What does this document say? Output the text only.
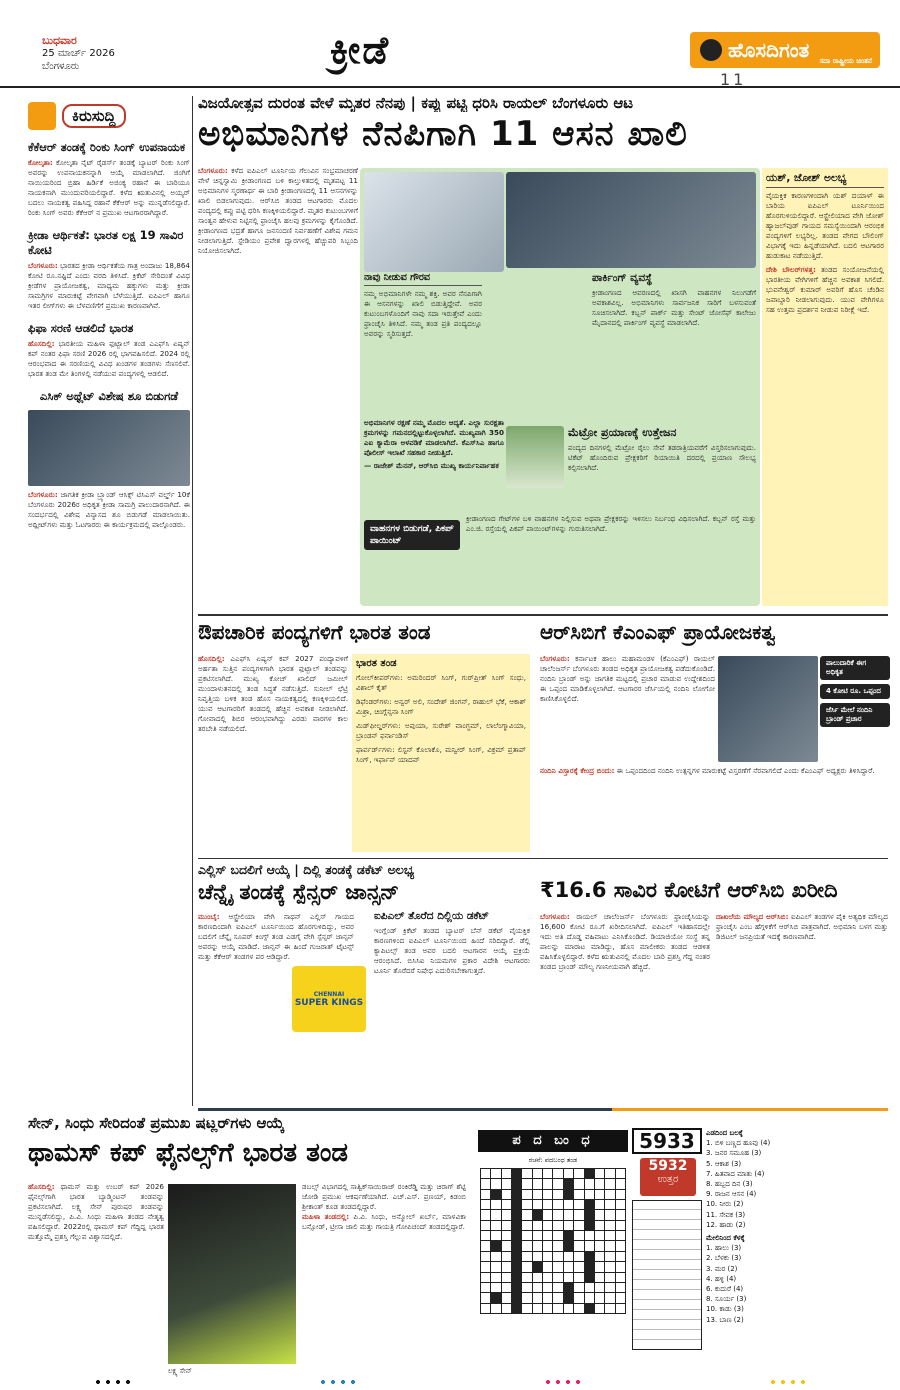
ಬುಧವಾರ
25 ಮಾರ್ಚ್ 2026
ಬೆಂಗಳೂರು	ಕ್ರೀಡೆ	ಹೊಸದಿಗಂತ ಸದಾ ರಾಷ್ಟ್ರೀಯ ಚಿಂತನೆ
11
ಕಿರುಸುದ್ದಿ
ಕೆಕೆಆರ್ ತಂಡಕ್ಕೆ ರಿಂಕು ಸಿಂಗ್ ಉಪನಾಯಕ
ಕೋಲ್ಕತಾ: ಕೋಲ್ಕತಾ ನೈಟ್ ರೈಡರ್ಸ್ ತಂಡಕ್ಕೆ ಬ್ಯಾಟರ್ ರಿಂಕು ಸಿಂಗ್ ಅವರನ್ನು ಉಪನಾಯಕನನ್ನಾಗಿ ಆಯ್ಕೆ ಮಾಡಲಾಗಿದೆ. ಜಿಂಗಿಗೆ ನಾಯಿಯರಿಂದ ಬ್ರಿಹಾ ಹಿರ್ಡಿಕೆ ಅಜಿಂಕ್ಯ ರಹಾನೆ ಈ ಬಾರಿಯೂ ನಾಯಕನಾಗಿ ಮುಂದುವರಿಯಲಿದ್ದಾರೆ. ಕಳೆದ ಋತುವಿನಲ್ಲಿ ಅಯ್ಯರ್ ಬದಲು ನಾಯಕತ್ವ ವಹಿಸಿದ್ದ ರಹಾನೆ ಕೆಕೆಆರ್ ಅನ್ನು ಮುನ್ನಡೆಸಲಿದ್ದಾರೆ. ರಿಂಕು ಸಿಂಗ್ ಅವರು ಕೆಕೆಆರ್ ನ ಪ್ರಮುಖ ಆಟಗಾರರಾಗಿದ್ದಾರೆ.
ಕ್ರೀಡಾ ಆರ್ಥಿಕತೆ: ಭಾರತ ಲಕ್ಷ 19 ಸಾವಿರ ಕೋಟಿ
ಬೆಂಗಳೂರು: ಭಾರತದ ಕ್ರೀಡಾ ಆರ್ಥಿಕತೆಯ ಗಾತ್ರ ಅಂದಾಜು 18,864 ಕೋಟಿ ರೂ.ನಷ್ಟಿದೆ ಎಂದು ವರದಿ ತಿಳಿಸಿದೆ. ಕ್ರಿಕೆಟ್ ಸೇರಿದಂತೆ ವಿವಿಧ ಕ್ರೀಡೆಗಳ ಪ್ರಾಯೋಜಕತ್ವ, ಮಾಧ್ಯಮ ಹಕ್ಕುಗಳು ಮತ್ತು ಕ್ರೀಡಾ ಸಾಮಗ್ರಿಗಳ ಮಾರುಕಟ್ಟೆ ವೇಗವಾಗಿ ಬೆಳೆಯುತ್ತಿದೆ. ಐಪಿಎಲ್ ಹಾಗೂ ಇತರ ಲೀಗ್‌ಗಳು ಈ ಬೆಳವಣಿಗೆಗೆ ಪ್ರಮುಖ ಕಾರಣವಾಗಿವೆ.
ಫಿಫಾ ಸರಣಿ ಆಡಲಿದೆ ಭಾರತ
ಹೊಸದಿಲ್ಲಿ: ಭಾರತೀಯ ಮಹಿಳಾ ಫುಟ್ಬಾಲ್ ತಂಡ ಎಎಫ್‌ಸಿ ಏಷ್ಯನ್ ಕಪ್ ನಂತರ ಫಿಫಾ ಸರಣಿ 2026 ರಲ್ಲಿ ಭಾಗವಹಿಸಲಿದೆ. 2024 ರಲ್ಲಿ ಆರಂಭವಾದ ಈ ಸರಣಿಯಲ್ಲಿ ವಿವಿಧ ಖಂಡಗಳ ತಂಡಗಳು ಸೆಣಸಲಿವೆ. ಭಾರತ ತಂಡ ಮೇ ತಿಂಗಳಲ್ಲಿ ನಡೆಯುವ ಪಂದ್ಯಗಳಲ್ಲಿ ಆಡಲಿದೆ.
ಎಸಿಕ್ ಅಥ್ಲೆಟ್ ವಿಶೇಷ ಶೂ ಬಿಡುಗಡೆ
ಬೆಂಗಳೂರು: ಜಾಗತಿಕ ಕ್ರೀಡಾ ಬ್ರ್ಯಾಂಡ್ ಆಸಿಕ್ಸ್ ಟಿಸಿಎಸ್ ವರ್ಲ್ಡ್ 10ಕೆ ಬೆಂಗಳೂರು 2026ರ ಅಧಿಕೃತ ಕ್ರೀಡಾ ಸಾಮಗ್ರಿ ಪಾಲುದಾರನಾಗಿದೆ. ಈ ಸಂದರ್ಭದಲ್ಲಿ ವಿಶೇಷ ವಿನ್ಯಾಸದ ಶೂ ಬಿಡುಗಡೆ ಮಾಡಲಾಯಿತು. ಅಥ್ಲೀಟ್‌ಗಳು ಮತ್ತು ಓಟಗಾರರು ಈ ಕಾರ್ಯಕ್ರಮದಲ್ಲಿ ಪಾಲ್ಗೊಂಡರು.
ವಿಜಯೋತ್ಸವ ದುರಂತ ವೇಳೆ ಮೃತರ ನೆನಪು | ಕಪ್ಪು ಪಟ್ಟಿ ಧರಿಸಿ ರಾಯಲ್ ಬೆಂಗಳೂರು ಆಟ
ಅಭಿಮಾನಿಗಳ ನೆನಪಿಗಾಗಿ 11 ಆಸನ ಖಾಲಿ
ಬೆಂಗಳೂರು: ಕಳೆದ ಐಪಿಎಲ್ ಟೂರ್ನಿಯ ಗೆಲುವಿನ ಸಂಭ್ರಮಾಚರಣೆ ವೇಳೆ ಚಿನ್ನಸ್ವಾಮಿ ಕ್ರೀಡಾಂಗಣದ ಬಳಿ ಕಾಲ್ತುಳಿತದಲ್ಲಿ ಮೃತಪಟ್ಟ 11 ಅಭಿಮಾನಿಗಳ ಸ್ಮರಣಾರ್ಥ ಈ ಬಾರಿ ಕ್ರೀಡಾಂಗಣದಲ್ಲಿ 11 ಆಸನಗಳನ್ನು ಖಾಲಿ ಬಿಡಲಾಗುವುದು. ಆರ್‌ಸಿಬಿ ತಂಡದ ಆಟಗಾರರು ಮೊದಲ ಪಂದ್ಯದಲ್ಲಿ ಕಪ್ಪು ಪಟ್ಟಿ ಧರಿಸಿ ಕಣಕ್ಕಿಳಿಯಲಿದ್ದಾರೆ. ಮೃತರ ಕುಟುಂಬಗಳಿಗೆ ಸಾಂತ್ವನ ಹೇಳುವ ನಿಟ್ಟಿನಲ್ಲಿ ಫ್ರಾಂಚೈಸಿ ಹಲವು ಕ್ರಮಗಳನ್ನು ಕೈಗೊಂಡಿದೆ. ಕ್ರೀಡಾಂಗಣದ ಭದ್ರತೆ ಹಾಗೂ ಜನಸಂದಣಿ ನಿರ್ವಹಣೆಗೆ ವಿಶೇಷ ಗಮನ ನೀಡಲಾಗುತ್ತಿದೆ. ಸ್ಟೇಡಿಯಂ ಪ್ರವೇಶ ದ್ವಾರಗಳಲ್ಲಿ ಹೆಚ್ಚುವರಿ ಸಿಬ್ಬಂದಿ ನಿಯೋಜಿಸಲಾಗಿದೆ.
ನಾವು ನೀಡುವ ಗೌರವ
ನಮ್ಮ ಅಭಿಮಾನಿಗಳೇ ನಮ್ಮ ಶಕ್ತಿ. ಅವರ ನೆನಪಿಗಾಗಿ ಈ ಆಸನಗಳನ್ನು ಖಾಲಿ ಬಿಡುತ್ತಿದ್ದೇವೆ. ಅವರ ಕುಟುಂಬಗಳೊಂದಿಗೆ ನಾವು ಸದಾ ಇರುತ್ತೇವೆ ಎಂದು ಫ್ರಾಂಚೈಸಿ ತಿಳಿಸಿದೆ. ನಮ್ಮ ತಂಡ ಪ್ರತಿ ಪಂದ್ಯದಲ್ಲೂ ಅವರನ್ನು ಸ್ಮರಿಸುತ್ತದೆ.
ಪಾರ್ಕಿಂಗ್ ವ್ಯವಸ್ಥೆ
ಕ್ರೀಡಾಂಗಣದ ಆವರಣದಲ್ಲಿ ಖಾಸಗಿ ವಾಹನಗಳ ನಿಲುಗಡೆಗೆ ಅವಕಾಶವಿಲ್ಲ. ಅಭಿಮಾನಿಗಳು ಸಾರ್ವಜನಿಕ ಸಾರಿಗೆ ಬಳಸುವಂತೆ ಸೂಚಿಸಲಾಗಿದೆ. ಕಬ್ಬನ್ ಪಾರ್ಕ್ ಮತ್ತು ಸೇಂಟ್ ಜೋಸೆಫ್ ಕಾಲೇಜು ಮೈದಾನದಲ್ಲಿ ಪಾರ್ಕಿಂಗ್ ವ್ಯವಸ್ಥೆ ಮಾಡಲಾಗಿದೆ.
ಅಭಿಮಾನಿಗಳ ರಕ್ಷಣೆ ನಮ್ಮ ಮೊದಲ ಆದ್ಯತೆ. ಎಲ್ಲಾ ಸುರಕ್ಷತಾ ಕ್ರಮಗಳನ್ನು ಗಮನದಲ್ಲಿಟ್ಟುಕೊಳ್ಳಲಾಗಿದೆ. ಮುಖ್ಯವಾಗಿ 350 ಎಐ ಕ್ಯಾಮೆರಾ ಅಳವಡಿಕೆ ಮಾಡಲಾಗಿದೆ. ಕೆಎಸ್‌ಸಿಎ ಹಾಗೂ ಪೊಲೀಸ್ ಇಲಾಖೆ ಸಹಕಾರ ನೀಡುತ್ತಿದೆ.
— ರಾಜೇಶ್ ಮೆನನ್, ಆರ್‌ಸಿಬಿ ಮುಖ್ಯ ಕಾರ್ಯನಿರ್ವಾಹಕ
ಮೆಟ್ರೋ ಪ್ರಯಾಣಕ್ಕೆ ಉತ್ತೇಜನ
ಪಂದ್ಯದ ದಿನಗಳಲ್ಲಿ ಮೆಟ್ರೋ ರೈಲು ಸೇವೆ ತಡರಾತ್ರಿಯವರೆಗೆ ವಿಸ್ತರಿಸಲಾಗುವುದು. ಟಿಕೆಟ್ ಹೊಂದಿರುವ ಪ್ರೇಕ್ಷಕರಿಗೆ ರಿಯಾಯಿತಿ ದರದಲ್ಲಿ ಪ್ರಯಾಣ ಸೌಲಭ್ಯ ಕಲ್ಪಿಸಲಾಗಿದೆ.
ವಾಹನಗಳ ಬಿಡುಗಡೆ, ಪಿಕಪ್ ಪಾಯಿಂಟ್
ಕ್ರೀಡಾಂಗಣದ ಗೇಟ್‌ಗಳ ಬಳಿ ವಾಹನಗಳ ನಿಲ್ಲಿಸುವ ಅಥವಾ ಪ್ರೇಕ್ಷಕರನ್ನು ಇಳಿಸಲು ನಿರ್ಬಂಧ ವಿಧಿಸಲಾಗಿದೆ. ಕಬ್ಬನ್ ರಸ್ತೆ ಮತ್ತು ಎಂ.ಜಿ. ರಸ್ತೆಯಲ್ಲಿ ಪಿಕಪ್ ಪಾಯಿಂಟ್‌ಗಳನ್ನು ಗುರುತಿಸಲಾಗಿದೆ.
ಯಶ್, ಜೋಶ್ ಅಲಭ್ಯ
ವೈಯಕ್ತಿಕ ಕಾರಣಗಳಿಂದಾಗಿ ಯಶ್ ದಯಾಳ್ ಈ ಬಾರಿಯ ಐಪಿಎಲ್ ಟೂರ್ನಿಯಿಂದ ಹೊರಗುಳಿಯಲಿದ್ದಾರೆ. ಆಸ್ಟ್ರೇಲಿಯಾದ ವೇಗಿ ಜೋಶ್ ಹ್ಯಾಜಲ್‌ವುಡ್ ಗಾಯದ ಸಮಸ್ಯೆಯಿಂದಾಗಿ ಆರಂಭಿಕ ಪಂದ್ಯಗಳಿಗೆ ಲಭ್ಯರಿಲ್ಲ. ತಂಡದ ವೇಗದ ಬೌಲಿಂಗ್ ವಿಭಾಗಕ್ಕೆ ಇದು ಹಿನ್ನಡೆಯಾಗಿದೆ. ಬದಲಿ ಆಟಗಾರರ ಹುಡುಕಾಟ ನಡೆಯುತ್ತಿದೆ.
ದೇಶಿ ಬೌಲರ್‌ಗಳತ್ತ: ತಂಡದ ಸಂಯೋಜನೆಯಲ್ಲಿ ಭಾರತೀಯ ವೇಗಿಗಳಿಗೆ ಹೆಚ್ಚಿನ ಅವಕಾಶ ಸಿಗಲಿದೆ. ಭುವನೇಶ್ವರ್ ಕುಮಾರ್ ಅವರಿಗೆ ಹೊಸ ಚೆಂಡಿನ ಜವಾಬ್ದಾರಿ ನೀಡಲಾಗುವುದು. ಯುವ ವೇಗಿಗಳೂ ಸಹ ಉತ್ತಮ ಪ್ರದರ್ಶನ ನೀಡುವ ನಿರೀಕ್ಷೆ ಇದೆ.
ಔಪಚಾರಿಕ ಪಂದ್ಯಗಳಿಗೆ ಭಾರತ ತಂಡ
ಹೊಸದಿಲ್ಲಿ: ಎಎಫ್‌ಸಿ ಏಷ್ಯನ್ ಕಪ್ 2027 ಪಂದ್ಯಾವಳಿಗೆ ಅರ್ಹತಾ ಸುತ್ತಿನ ಪಂದ್ಯಗಳಿಗಾಗಿ ಭಾರತ ಫುಟ್ಬಾಲ್ ತಂಡವನ್ನು ಪ್ರಕಟಿಸಲಾಗಿದೆ. ಮುಖ್ಯ ಕೋಚ್ ಖಾಲಿದ್ ಜಮೀಲ್ ಮುಂದಾಳುತನದಲ್ಲಿ ತಂಡ ಸಿದ್ಧತೆ ನಡೆಸುತ್ತಿದೆ. ಸುನೀಲ್ ಛೆಟ್ರಿ ನಿವೃತ್ತಿಯ ಬಳಿಕ ತಂಡ ಹೊಸ ನಾಯಕತ್ವದಲ್ಲಿ ಕಣಕ್ಕಿಳಿಯಲಿದೆ. ಯುವ ಆಟಗಾರರಿಗೆ ತಂಡದಲ್ಲಿ ಹೆಚ್ಚಿನ ಅವಕಾಶ ನೀಡಲಾಗಿದೆ. ಗೋವಾದಲ್ಲಿ ಶಿಬಿರ ಆರಂಭವಾಗಿದ್ದು ಎರಡು ವಾರಗಳ ಕಾಲ ತರಬೇತಿ ನಡೆಯಲಿದೆ.
ಭಾರತ ತಂಡ
ಗೋಲ್‌ಕೀಪರ್‌ಗಳು: ಅಮರಿಂದರ್ ಸಿಂಗ್, ಗುರ್‌ಪ್ರೀತ್ ಸಿಂಗ್ ಸಂಧು, ವಿಶಾಲ್ ಕೈತ್
ಡಿಫೆಂಡರ್‌ಗಳು: ಅನ್ವರ್ ಅಲಿ, ಸಂದೇಶ್ ಜಿಂಗನ್, ರಾಹುಲ್ ಭೆಕೆ, ಆಕಾಶ್ ಮಿಶ್ರಾ, ಚಿಂಗ್ಲೆನ್ಸನಾ ಸಿಂಗ್
ಮಿಡ್‌ಫೀಲ್ಡರ್‌ಗಳು: ಅಪುಯಾ, ಸುರೇಶ್ ವಾಂಗ್ಜಮ್, ಲಾಲೆಂಗ್ಮಾವಿಯಾ, ಬ್ರಾಂಡನ್ ಫರ್ನಾಂಡಿಸ್
ಫಾರ್ವರ್ಡ್‌ಗಳು: ಲಿಸ್ಟನ್ ಕೊಲಾಕೊ, ಮನ್ವೀರ್ ಸಿಂಗ್, ವಿಕ್ರಮ್ ಪ್ರತಾಪ್ ಸಿಂಗ್, ಇರ್ಫಾನ್ ಯಾದವ್
ಆರ್‌ಸಿಬಿಗೆ ಕೆಎಂಎಫ್ ಪ್ರಾಯೋಜಕತ್ವ
ಬೆಂಗಳೂರು: ಕರ್ನಾಟಕ ಹಾಲು ಮಹಾಮಂಡಳ (ಕೆಎಂಎಫ್) ರಾಯಲ್ ಚಾಲೆಂಜರ್ಸ್ ಬೆಂಗಳೂರು ತಂಡದ ಅಧಿಕೃತ ಪ್ರಾಯೋಜಕತ್ವ ಪಡೆದುಕೊಂಡಿದೆ. ನಂದಿನಿ ಬ್ರಾಂಡ್ ಅನ್ನು ಜಾಗತಿಕ ಮಟ್ಟದಲ್ಲಿ ಪ್ರಚಾರ ಮಾಡುವ ಉದ್ದೇಶದಿಂದ ಈ ಒಪ್ಪಂದ ಮಾಡಿಕೊಳ್ಳಲಾಗಿದೆ. ಆಟಗಾರರ ಜೆರ್ಸಿಯಲ್ಲಿ ನಂದಿನಿ ಲೋಗೋ ಕಾಣಿಸಿಕೊಳ್ಳಲಿದೆ.
ಪಾಲುದಾರಿಕೆ ಈಗ ಅಧಿಕೃತ
4 ಕೋಟಿ ರೂ. ಒಪ್ಪಂದ
ಜೆರ್ಸಿ ಮೇಲೆ ನಂದಿನಿ ಬ್ರಾಂಡ್ ಪ್ರಚಾರ
ನಂದಿನಿ ವಿಸ್ತಾರಕ್ಕೆ ಕೇಂದ್ರ ಬಿಂದು: ಈ ಒಪ್ಪಂದದಿಂದ ನಂದಿನಿ ಉತ್ಪನ್ನಗಳ ಮಾರುಕಟ್ಟೆ ವಿಸ್ತರಣೆಗೆ ನೆರವಾಗಲಿದೆ ಎಂದು ಕೆಎಂಎಫ್ ಅಧ್ಯಕ್ಷರು ತಿಳಿಸಿದ್ದಾರೆ.
ಎಲ್ಲಿಸ್ ಬದಲಿಗೆ ಆಯ್ಕೆ | ದಿಲ್ಲಿ ತಂಡಕ್ಕೆ ಡಕೆಟ್ ಅಲಭ್ಯ
ಚೆನ್ನೈ ತಂಡಕ್ಕೆ ಸ್ಪೆನ್ಸರ್ ಜಾನ್ಸನ್
ಮುಂಬೈ: ಆಸ್ಟ್ರೇಲಿಯಾ ವೇಗಿ ನಾಥನ್ ಎಲ್ಲಿಸ್ ಗಾಯದ ಕಾರಣದಿಂದಾಗಿ ಐಪಿಎಲ್ ಟೂರ್ನಿಯಿಂದ ಹೊರಗುಳಿದಿದ್ದು, ಅವರ ಬದಲಿಗೆ ಚೆನ್ನೈ ಸೂಪರ್ ಕಿಂಗ್ಸ್ ತಂಡ ಎಡಗೈ ವೇಗಿ ಸ್ಪೆನ್ಸರ್ ಜಾನ್ಸನ್ ಅವರನ್ನು ಆಯ್ಕೆ ಮಾಡಿದೆ. ಜಾನ್ಸನ್ ಈ ಹಿಂದೆ ಗುಜರಾತ್ ಟೈಟನ್ಸ್ ಮತ್ತು ಕೆಕೆಆರ್ ತಂಡಗಳ ಪರ ಆಡಿದ್ದಾರೆ.
CHENNAI
SUPER KINGS
ಐಪಿಎಲ್ ತೊರೆದ ದಿಲ್ಲಿಯ ಡಕೆಟ್
ಇಂಗ್ಲೆಂಡ್ ಕ್ರಿಕೆಟ್ ತಂಡದ ಬ್ಯಾಟರ್ ಬೆನ್ ಡಕೆಟ್ ವೈಯಕ್ತಿಕ ಕಾರಣಗಳಿಂದ ಐಪಿಎಲ್ ಟೂರ್ನಿಯಿಂದ ಹಿಂದೆ ಸರಿದಿದ್ದಾರೆ. ಡೆಲ್ಲಿ ಕ್ಯಾಪಿಟಲ್ಸ್ ತಂಡ ಅವರ ಬದಲಿ ಆಟಗಾರನ ಆಯ್ಕೆ ಪ್ರಕ್ರಿಯೆ ಆರಂಭಿಸಿದೆ. ಬಿಸಿಸಿಐ ನಿಯಮಗಳ ಪ್ರಕಾರ ವಿದೇಶಿ ಆಟಗಾರರು ಟೂರ್ನಿ ತೊರೆದರೆ ನಿಷೇಧ ಎದುರಿಸಬೇಕಾಗುತ್ತದೆ.
₹16.6 ಸಾವಿರ ಕೋಟಿಗೆ ಆರ್‌ಸಿಬಿ ಖರೀದಿ
ಬೆಂಗಳೂರು: ರಾಯಲ್ ಚಾಲೆಂಜರ್ಸ್ ಬೆಂಗಳೂರು ಫ್ರಾಂಚೈಸಿಯನ್ನು 16,600 ಕೋಟಿ ರೂ.ಗೆ ಖರೀದಿಸಲಾಗಿದೆ. ಐಪಿಎಲ್ ಇತಿಹಾಸದಲ್ಲೇ ಇದು ಅತಿ ದೊಡ್ಡ ವಹಿವಾಟು ಎನಿಸಿಕೊಂಡಿದೆ. ಡಿಯಾಜಿಯೋ ಸಂಸ್ಥೆ ತನ್ನ ಪಾಲನ್ನು ಮಾರಾಟ ಮಾಡಿದ್ದು, ಹೊಸ ಮಾಲೀಕರು ತಂಡದ ಆಡಳಿತ ವಹಿಸಿಕೊಳ್ಳಲಿದ್ದಾರೆ. ಕಳೆದ ಋತುವಿನಲ್ಲಿ ಮೊದಲ ಬಾರಿ ಪ್ರಶಸ್ತಿ ಗೆದ್ದ ನಂತರ ತಂಡದ ಬ್ರಾಂಡ್ ಮೌಲ್ಯ ಗಣನೀಯವಾಗಿ ಹೆಚ್ಚಿದೆ.
ದಾಖಲೆಯ ಮೌಲ್ಯದ ಆರ್‌ಸಿಬಿ: ಐಪಿಎಲ್ ತಂಡಗಳ ಪೈಕಿ ಅತ್ಯಧಿಕ ಮೌಲ್ಯದ ಫ್ರಾಂಚೈಸಿ ಎಂಬ ಹೆಗ್ಗಳಿಕೆಗೆ ಆರ್‌ಸಿಬಿ ಪಾತ್ರವಾಗಿದೆ. ಅಭಿಮಾನಿ ಬಳಗ ಮತ್ತು ಡಿಜಿಟಲ್ ಜನಪ್ರಿಯತೆ ಇದಕ್ಕೆ ಕಾರಣವಾಗಿದೆ.
ಸೇನ್, ಸಿಂಧು ಸೇರಿದಂತೆ ಪ್ರಮುಖ ಷಟ್ಲರ್‌ಗಳು ಆಯ್ಕೆ
ಥಾಮಸ್ ಕಪ್ ಫೈನಲ್ಸ್‌ಗೆ ಭಾರತ ತಂಡ
ಹೊಸದಿಲ್ಲಿ: ಥಾಮಸ್ ಮತ್ತು ಉಬರ್ ಕಪ್ 2026 ಫೈನಲ್ಸ್‌ಗಾಗಿ ಭಾರತ ಬ್ಯಾಡ್ಮಿಂಟನ್ ತಂಡವನ್ನು ಪ್ರಕಟಿಸಲಾಗಿದೆ. ಲಕ್ಷ್ಯ ಸೇನ್ ಪುರುಷರ ತಂಡವನ್ನು ಮುನ್ನಡೆಸಲಿದ್ದು, ಪಿ.ವಿ. ಸಿಂಧು ಮಹಿಳಾ ತಂಡದ ನೇತೃತ್ವ ವಹಿಸಲಿದ್ದಾರೆ. 2022ರಲ್ಲಿ ಥಾಮಸ್ ಕಪ್ ಗೆದ್ದಿದ್ದ ಭಾರತ ಮತ್ತೊಮ್ಮೆ ಪ್ರಶಸ್ತಿ ಗೆಲ್ಲುವ ವಿಶ್ವಾಸದಲ್ಲಿದೆ.
ಲಕ್ಷ್ಯ ಸೇನ್
ಡಬಲ್ಸ್ ವಿಭಾಗದಲ್ಲಿ ಸಾತ್ವಿಕ್‌ಸಾಯಿರಾಜ್ ರಂಕಿರೆಡ್ಡಿ ಮತ್ತು ಚಿರಾಗ್ ಶೆಟ್ಟಿ ಜೋಡಿ ಪ್ರಮುಖ ಆಕರ್ಷಣೆಯಾಗಿದೆ. ಎಚ್.ಎಸ್. ಪ್ರಣಯ್, ಕಿಡಂಬಿ ಶ್ರೀಕಾಂತ್ ಕೂಡ ತಂಡದಲ್ಲಿದ್ದಾರೆ.
ಮಹಿಳಾ ತಂಡದಲ್ಲಿ: ಪಿ.ವಿ. ಸಿಂಧು, ಅನ್ಮೋಲ್ ಖರ್ಬ್, ಮಾಳವಿಕಾ ಬನ್ಸೋಡ್, ಟ್ರೀಸಾ ಜಾಲಿ ಮತ್ತು ಗಾಯತ್ರಿ ಗೋಪಿಚಂದ್ ತಂಡದಲ್ಲಿದ್ದಾರೆ.
ಪ ದ ಬಂ ಧ
ರಚನೆ: ಪದಬಂಧ ತಂಡ
5933
5932
ಉತ್ತರ
ಎಡದಿಂದ ಬಲಕ್ಕೆ
1. ಬಿಳಿ ಬಣ್ಣದ ಹೂವು (4)
3. ಜನರ ಸಮೂಹ (3)
5. ಆಕಾಶ (3)
7. ಹಿತವಾದ ಮಾತು (4)
8. ಹಬ್ಬದ ದಿನ (3)
9. ರಾಜನ ಆಸನ (4)
10. ನೀರು (2)
11. ಸೇವಕ (3)
12. ಹಾಡು (2)
ಮೇಲಿನಿಂದ ಕೆಳಕ್ಕೆ
1. ಹಾಲು (3)
2. ಬೆಳಕು (3)
3. ಮರ (2)
4. ಹಳ್ಳಿ (4)
6. ಕುದುರೆ (4)
8. ಸೂರ್ಯ (3)
10. ಕಾಡು (3)
13. ಬಾಣ (2)
